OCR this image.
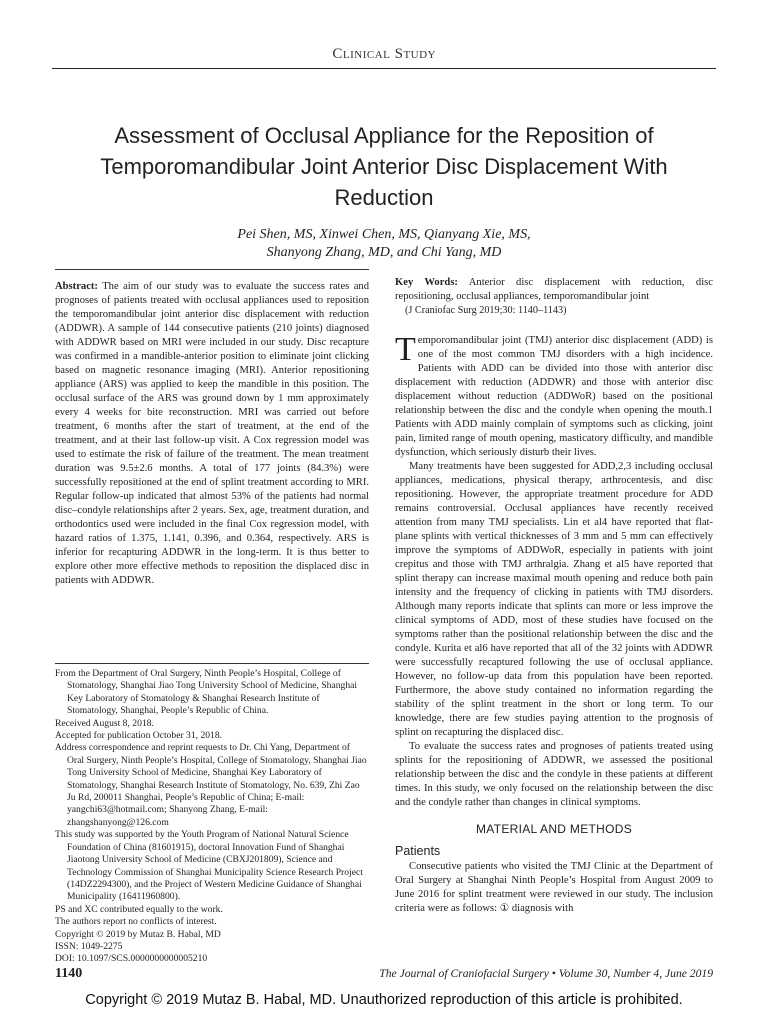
Clinical Study
Assessment of Occlusal Appliance for the Reposition of Temporomandibular Joint Anterior Disc Displacement With Reduction
Pei Shen, MS, Xinwei Chen, MS, Qianyang Xie, MS,
Shanyong Zhang, MD, and Chi Yang, MD
Abstract: The aim of our study was to evaluate the success rates and prognoses of patients treated with occlusal appliances used to reposition the temporomandibular joint anterior disc displacement with reduction (ADDWR). A sample of 144 consecutive patients (210 joints) diagnosed with ADDWR based on MRI were included in our study. Disc recapture was confirmed in a mandible-anterior position to eliminate joint clicking based on magnetic resonance imaging (MRI). Anterior repositioning appliance (ARS) was applied to keep the mandible in this position. The occlusal surface of the ARS was ground down by 1 mm approximately every 4 weeks for bite reconstruction. MRI was carried out before treatment, 6 months after the start of treatment, at the end of the treatment, and at their last follow-up visit. A Cox regression model was used to estimate the risk of failure of the treatment. The mean treatment duration was 9.5±2.6 months. A total of 177 joints (84.3%) were successfully repositioned at the end of splint treatment according to MRI. Regular follow-up indicated that almost 53% of the patients had normal disc–condyle relationships after 2 years. Sex, age, treatment duration, and orthodontics used were included in the final Cox regression model, with hazard ratios of 1.375, 1.141, 0.396, and 0.364, respectively. ARS is inferior for recapturing ADDWR in the long-term. It is thus better to explore other more effective methods to reposition the displaced disc in patients with ADDWR.

From the Department of Oral Surgery, Ninth People’s Hospital, College of Stomatology, Shanghai Jiao Tong University School of Medicine, Shanghai Key Laboratory of Stomatology & Shanghai Research Institute of Stomatology, Shanghai, People’s Republic of China.

Received August 8, 2018.

Accepted for publication October 31, 2018.

Address correspondence and reprint requests to Dr. Chi Yang, Department of Oral Surgery, Ninth People’s Hospital, College of Stomatology, Shanghai Jiao Tong University School of Medicine, Shanghai Key Laboratory of Stomatology, Shanghai Research Institute of Stomatology, No. 639, Zhi Zao Ju Rd, 200011 Shanghai, People’s Republic of China; E-mail: yangchi63@hotmail.com; Shanyong Zhang, E-mail: zhangshanyong@126.com

This study was supported by the Youth Program of National Natural Science Foundation of China (81601915), doctoral Innovation Fund of Shanghai Jiaotong University School of Medicine (CBXJ201809), Science and Technology Commission of Shanghai Municipality Science Research Project (14DZ2294300), and the Project of Western Medicine Guidance of Shanghai Municipality (16411960800).

PS and XC contributed equally to the work.

The authors report no conflicts of interest.

Copyright © 2019 by Mutaz B. Habal, MD

ISSN: 1049-2275

DOI: 10.1097/SCS.0000000000005210

Key Words: Anterior disc displacement with reduction, disc repositioning, occlusal appliances, temporomandibular joint

(J Craniofac Surg 2019;30: 1140–1143)

Temporomandibular joint (TMJ) anterior disc displacement (ADD) is one of the most common TMJ disorders with a high incidence. Patients with ADD can be divided into those with anterior disc displacement with reduction (ADDWR) and those with anterior disc displacement without reduction (ADDWoR) based on the positional relationship between the disc and the condyle when opening the mouth.1 Patients with ADD mainly complain of symptoms such as clicking, joint pain, limited range of mouth opening, masticatory difficulty, and mandible dysfunction, which seriously disturb their lives.

Many treatments have been suggested for ADD,2,3 including occlusal appliances, medications, physical therapy, arthrocentesis, and disc repositioning. However, the appropriate treatment procedure for ADD remains controversial. Occlusal appliances have recently received attention from many TMJ specialists. Lin et al4 have reported that flat-plane splints with vertical thicknesses of 3 mm and 5 mm can effectively improve the symptoms of ADDWoR, especially in patients with joint crepitus and those with TMJ arthralgia. Zhang et al5 have reported that splint therapy can increase maximal mouth opening and reduce both pain intensity and the frequency of clicking in patients with TMJ disorders. Although many reports indicate that splints can more or less improve the clinical symptoms of ADD, most of these studies have focused on the symptoms rather than the positional relationship between the disc and the condyle. Kurita et al6 have reported that all of the 32 joints with ADDWR were successfully recaptured following the use of occlusal appliance. However, no follow-up data from this population have been reported. Furthermore, the above study contained no information regarding the stability of the splint treatment in the short or long term. To our knowledge, there are few studies paying attention to the prognosis of splint on recapturing the displaced disc.

To evaluate the success rates and prognoses of patients treated using splints for the repositioning of ADDWR, we assessed the positional relationship between the disc and the condyle in these patients at different times. In this study, we only focused on the relationship between the disc and the condyle rather than changes in clinical symptoms.

MATERIAL AND METHODS
Patients

Consecutive patients who visited the TMJ Clinic at the Department of Oral Surgery at Shanghai Ninth People’s Hospital from August 2009 to June 2016 for splint treatment were reviewed in our study. The inclusion criteria were as follows: ① diagnosis with

1140	The Journal of Craniofacial Surgery • Volume 30, Number 4, June 2019
Copyright © 2019 Mutaz B. Habal, MD. Unauthorized reproduction of this article is prohibited.
